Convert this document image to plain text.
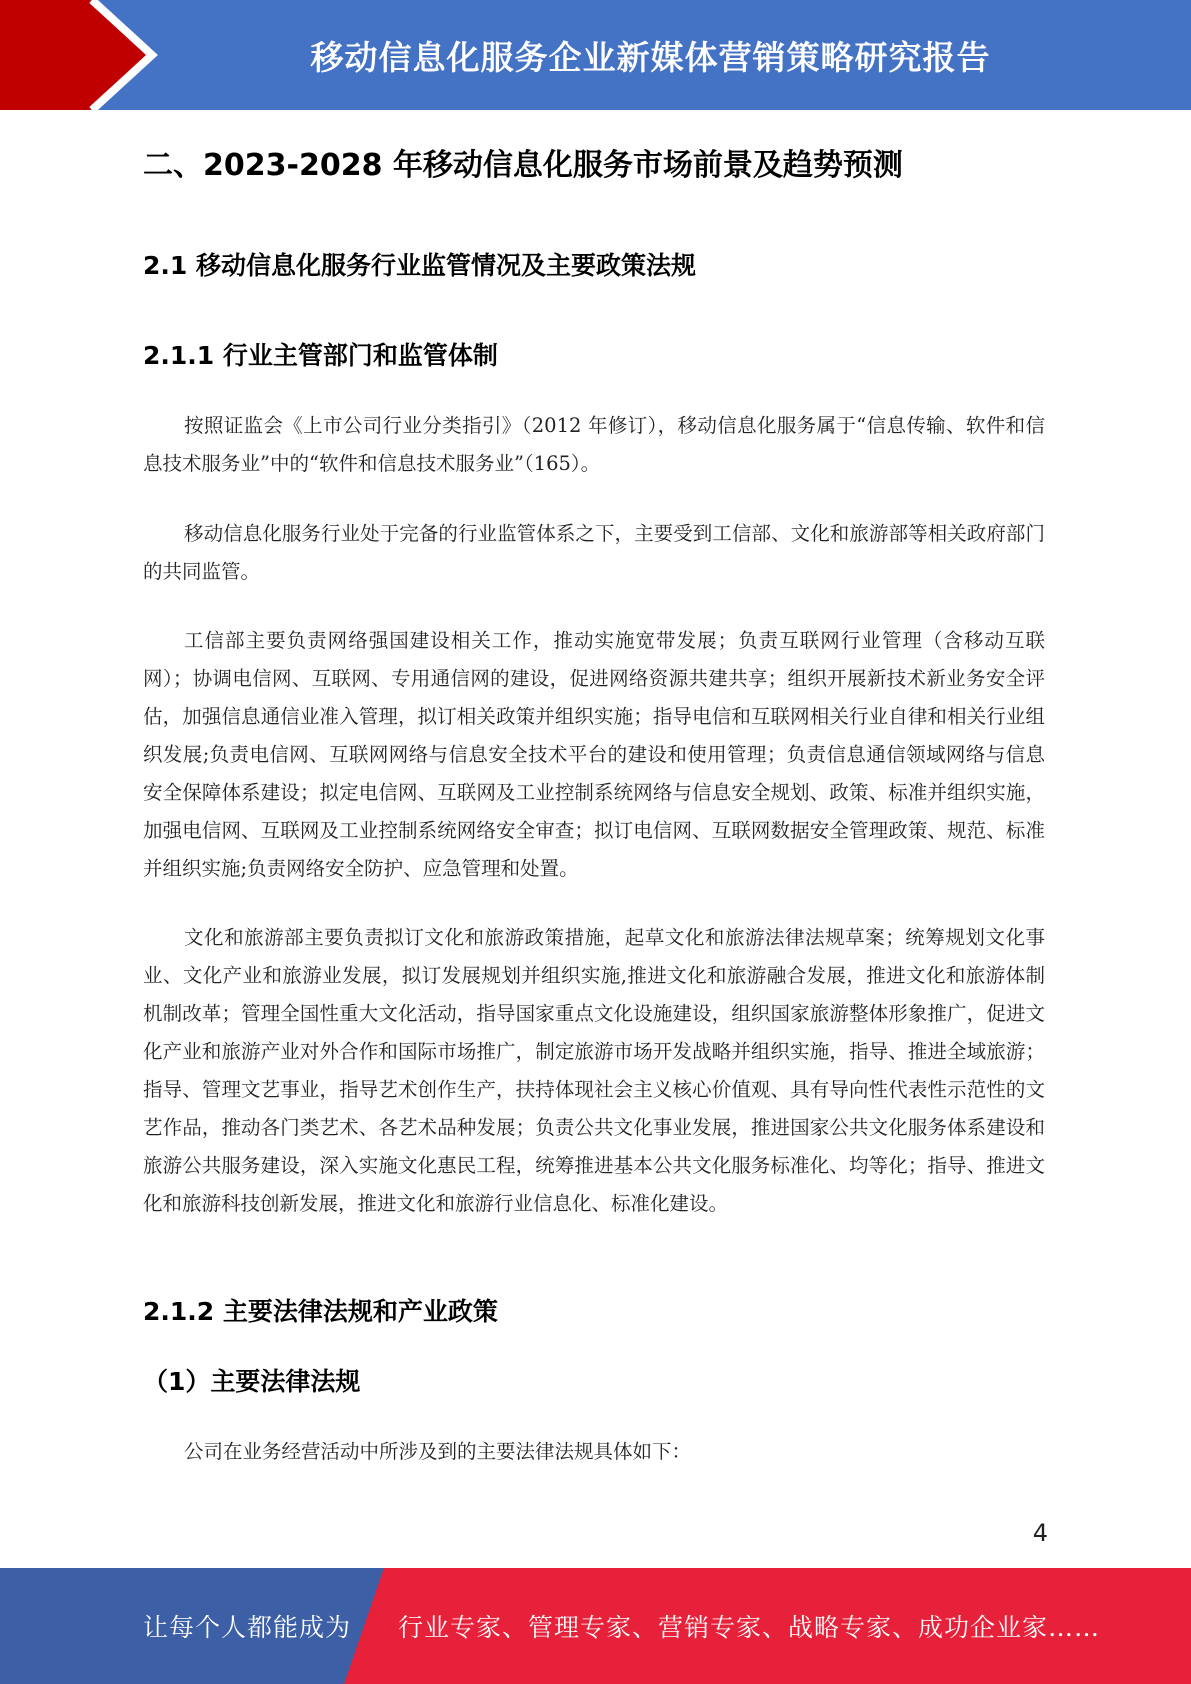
移动信息化服务企业新媒体营销策略研究报告
二、2023-2028 年移动信息化服务市场前景及趋势预测
2.1 移动信息化服务行业监管情况及主要政策法规
2.1.1 行业主管部门和监管体制

按照证监会《上市公司行业分类指引》（2012 年修订），移动信息化服务属于“信息传输、软件和信息技术服务业”中的“软件和信息技术服务业”（165）。

移动信息化服务行业处于完备的行业监管体系之下，主要受到工信部、文化和旅游部等相关政府部门的共同监管。

工信部主要负责网络强国建设相关工作，推动实施宽带发展；负责互联网行业管理（含移动互联网）；协调电信网、互联网、专用通信网的建设，促进网络资源共建共享；组织开展新技术新业务安全评估，加强信息通信业准入管理，拟订相关政策并组织实施；指导电信和互联网相关行业自律和相关行业组织发展;负责电信网、互联网网络与信息安全技术平台的建设和使用管理；负责信息通信领域网络与信息安全保障体系建设；拟定电信网、互联网及工业控制系统网络与信息安全规划、政策、标准并组织实施，加强电信网、互联网及工业控制系统网络安全审查；拟订电信网、互联网数据安全管理政策、规范、标准并组织实施;负责网络安全防护、应急管理和处置。

文化和旅游部主要负责拟订文化和旅游政策措施，起草文化和旅游法律法规草案；统筹规划文化事业、文化产业和旅游业发展，拟订发展规划并组织实施,推进文化和旅游融合发展，推进文化和旅游体制机制改革；管理全国性重大文化活动，指导国家重点文化设施建设，组织国家旅游整体形象推广，促进文化产业和旅游产业对外合作和国际市场推广，制定旅游市场开发战略并组织实施，指导、推进全域旅游；指导、管理文艺事业，指导艺术创作生产，扶持体现社会主义核心价值观、具有导向性代表性示范性的文艺作品，推动各门类艺术、各艺术品种发展；负责公共文化事业发展，推进国家公共文化服务体系建设和旅游公共服务建设，深入实施文化惠民工程，统筹推进基本公共文化服务标准化、均等化；指导、推进文化和旅游科技创新发展，推进文化和旅游行业信息化、标准化建设。

2.1.2 主要法律法规和产业政策
（1）主要法律法规

公司在业务经营活动中所涉及到的主要法律法规具体如下：

4
让每个人都能成为 行业专家、管理专家、营销专家、战略专家、成功企业家……
